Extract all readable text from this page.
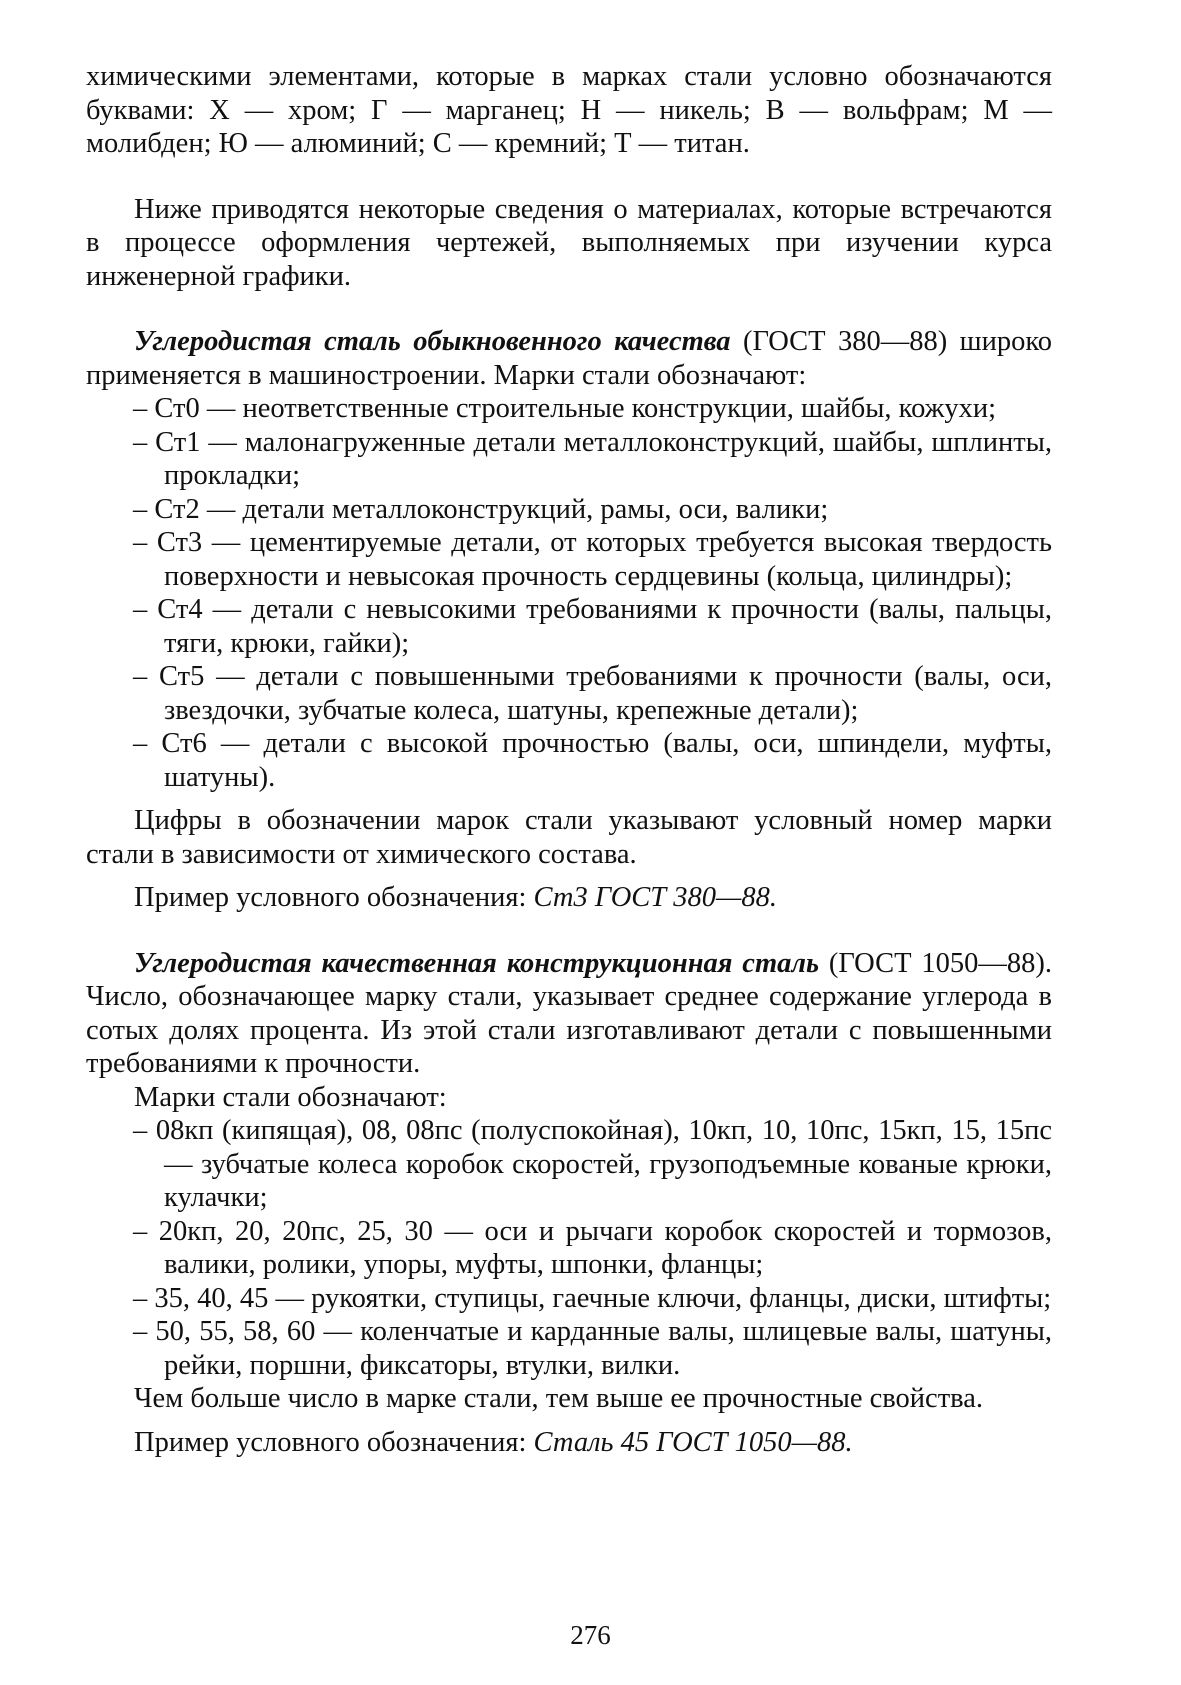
химическими элементами, которые в марках стали условно обозначаются буквами: Х — хром; Г — марганец; Н — никель; В — вольфрам; М — молибден; Ю — алюминий; С — кремний; Т — титан.

Ниже приводятся некоторые сведения о материалах, которые встречаются в процессе оформления чертежей, выполняемых при изучении курса инженерной графики.

Углеродистая сталь обыкновенного качества (ГОСТ 380—88) широко применяется в машиностроении. Марки стали обозначают:

– Ст0 — неответственные строительные конструкции, шайбы, кожухи;
– Ст1 — малонагруженные детали металлоконструкций, шайбы, шплинты, прокладки;
– Ст2 — детали металлоконструкций, рамы, оси, валики;
– Ст3 — цементируемые детали, от которых требуется высокая твердость поверхности и невысокая прочность сердцевины (кольца, цилиндры);
– Ст4 — детали с невысокими требованиями к прочности (валы, пальцы, тяги, крюки, гайки);
– Ст5 — детали с повышенными требованиями к прочности (валы, оси, звездочки, зубчатые колеса, шатуны, крепежные детали);
– Ст6 — детали с высокой прочностью (валы, оси, шпиндели, муфты, шатуны).

Цифры в обозначении марок стали указывают условный номер марки стали в зависимости от химического состава.

Пример условного обозначения: Ст3 ГОСТ 380—88.

Углеродистая качественная конструкционная сталь (ГОСТ 1050—88). Число, обозначающее марку стали, указывает среднее содержание углерода в сотых долях процента. Из этой стали изготавливают детали с повышенными требованиями к прочности.

Марки стали обозначают:

– 08кп (кипящая), 08, 08пс (полуспокойная), 10кп, 10, 10пс, 15кп, 15, 15пс — зубчатые колеса коробок скоростей, грузоподъемные кованые крюки, кулачки;
– 20кп, 20, 20пс, 25, 30 — оси и рычаги коробок скоростей и тормозов, валики, ролики, упоры, муфты, шпонки, фланцы;
– 35, 40, 45 — рукоятки, ступицы, гаечные ключи, фланцы, диски, штифты;
– 50, 55, 58, 60 — коленчатые и карданные валы, шлицевые валы, шатуны, рейки, поршни, фиксаторы, втулки, вилки.

Чем больше число в марке стали, тем выше ее прочностные свойства.

Пример условного обозначения: Сталь 45 ГОСТ 1050—88.

276
